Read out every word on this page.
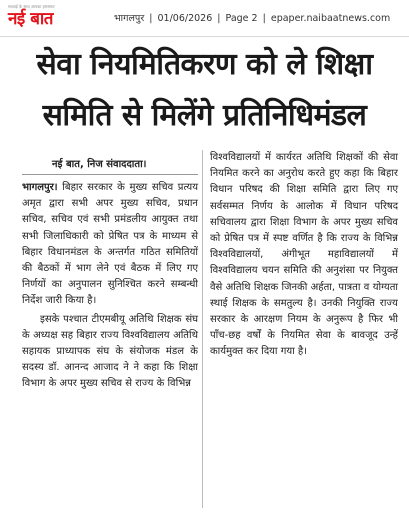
सच्चाई के साथ आपका हमसफर
नई बात	भागलपुर | 01/06/2026 | Page 2 | epaper.naibaatnews.com
सेवा नियमितिकरण को ले शिक्षा
समिति से मिलेंगे प्रतिनिधिमंडल
नई बात, निज संवाददाता।

भागलपुर। बिहार सरकार के मुख्य सचिव प्रत्यय अमृत द्वारा सभी अपर मुख्य सचिव, प्रधान सचिव, सचिव एवं सभी प्रमंडलीय आयुक्त तथा सभी जिलाधिकारी को प्रेषित पत्र के माध्यम से बिहार विधानमंडल के अन्तर्गत गठित समितियों की बैठकों में भाग लेने एवं बैठक में लिए गए निर्णयों का अनुपालन सुनिश्चित करने सम्बन्धी निर्देश जारी किया है।

इसके पश्चात टीएमबीयू अतिथि शिक्षक संघ के अध्यक्ष सह बिहार राज्य विश्वविद्यालय अतिथि सहायक प्राध्यापक संघ के संयोजक मंडल के सदस्य डॉ. आनन्द आजाद ने ने कहा कि शिक्षा विभाग के अपर मुख्य सचिव से राज्य के विभिन्न

विश्वविद्यालयों में कार्यरत अतिथि शिक्षकों की सेवा नियमित करने का अनुरोध करते हुए कहा कि बिहार विधान परिषद की शिक्षा समिति द्वारा लिए गए सर्वसम्मत निर्णय के आलोक में विधान परिषद सचिवालय द्वारा शिक्षा विभाग के अपर मुख्य सचिव को प्रेषित पत्र में स्पष्ट वर्णित है कि राज्य के विभिन्न विश्वविद्यालयों, अंगीभूत महाविद्यालयों में विश्वविद्यालय चयन समिति की अनुशंसा पर नियुक्त वैसे अतिथि शिक्षक जिनकी अर्हता, पात्रता व योग्यता स्थाई शिक्षक के समतुल्य है। उनकी नियुक्ति राज्य सरकार के आरक्षण नियम के अनुरूप है फिर भी पाँच-छह वर्षों के नियमित सेवा के बावजूद उन्हें कार्यमुक्त कर दिया गया है।
